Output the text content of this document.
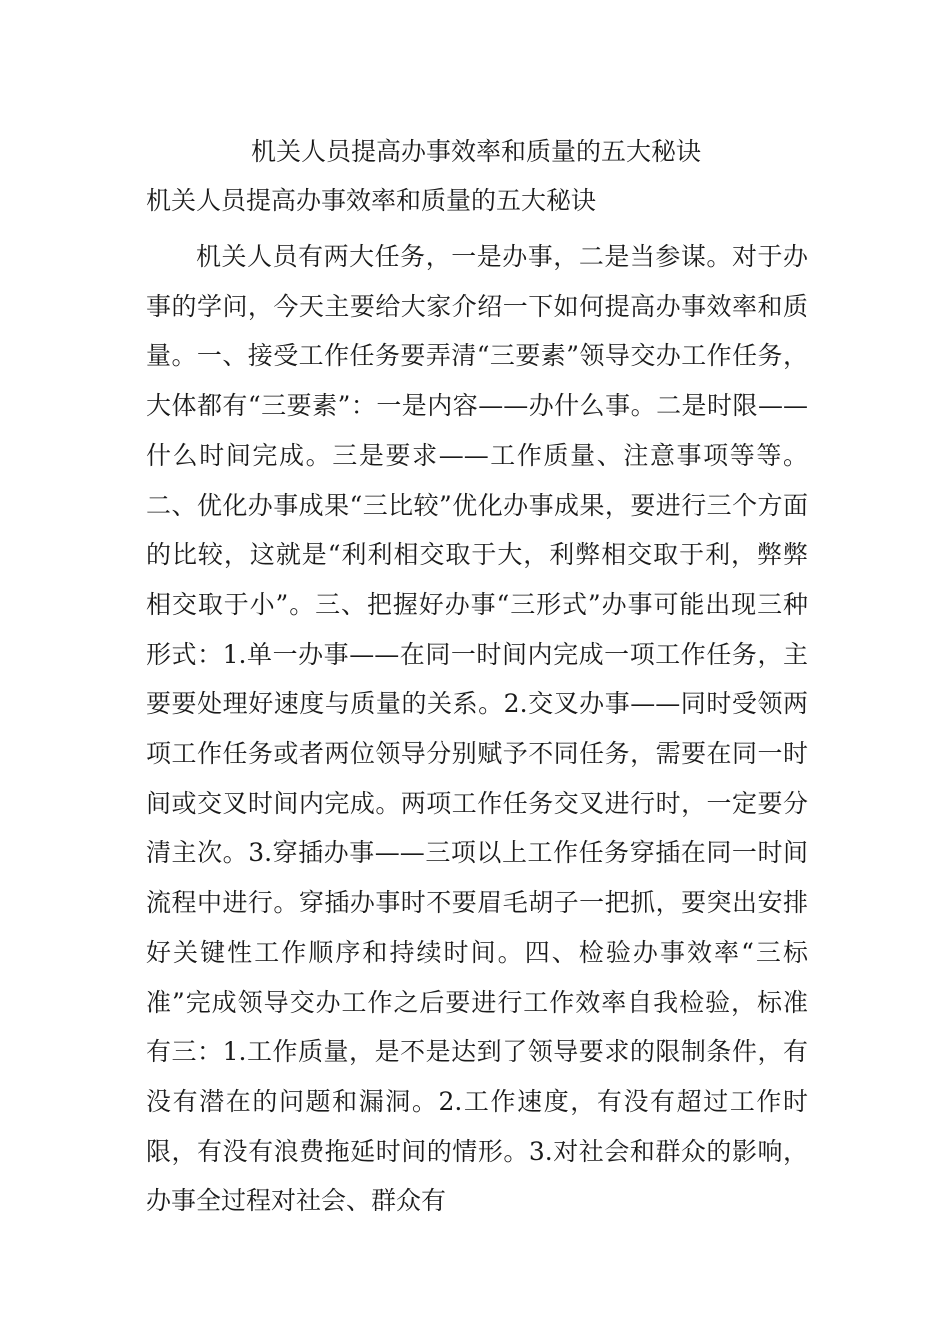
机关人员提高办事效率和质量的五大秘诀
机关人员提高办事效率和质量的五大秘诀

机关人员有两大任务，一是办事，二是当参谋。对于办事的学问，今天主要给大家介绍一下如何提高办事效率和质量。一、接受工作任务要弄清“三要素”领导交办工作任务，大体都有“三要素”：一是内容——办什么事。二是时限——什么时间完成。三是要求——工作质量、注意事项等等。二、优化办事成果“三比较”优化办事成果，要进行三个方面的比较，这就是“利利相交取于大，利弊相交取于利，弊弊相交取于小”。三、把握好办事“三形式”办事可能出现三种形式：1.单一办事——在同一时间内完成一项工作任务，主要要处理好速度与质量的关系。2.交叉办事——同时受领两项工作任务或者两位领导分别赋予不同任务，需要在同一时间或交叉时间内完成。两项工作任务交叉进行时，一定要分清主次。3.穿插办事——三项以上工作任务穿插在同一时间流程中进行。穿插办事时不要眉毛胡子一把抓，要突出安排好关键性工作顺序和持续时间。四、检验办事效率“三标准”完成领导交办工作之后要进行工作效率自我检验，标准有三：1.工作质量，是不是达到了领导要求的限制条件，有没有潜在的问题和漏洞。2.工作速度，有没有超过工作时限，有没有浪费拖延时间的情形。3.对社会和群众的影响，办事全过程对社会、群众有
